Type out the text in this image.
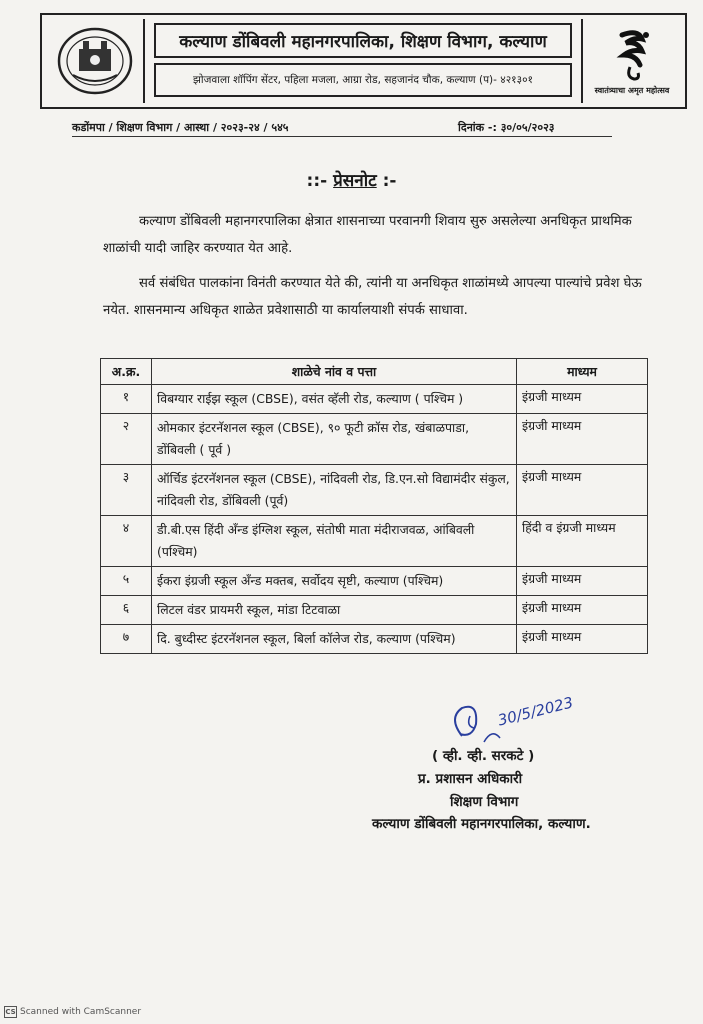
कल्याण डोंबिवली महानगरपालिका, शिक्षण विभाग, कल्याण
झोजवाला शॉपिंग सेंटर, पहिला मजला, आग्रा रोड, सहजानंद चौक, कल्याण (प)- ४२१३०१
स्वातंत्र्याचा अमृत महोत्सव
कडोंमपा / शिक्षण विभाग / आस्था / २०२३-२४ / ५४५	दिनांक -: ३०/०५/२०२३
::- प्रेसनोट :-
कल्याण डोंबिवली महानगरपालिका क्षेत्रात शासनाच्या परवानगी शिवाय सुरु असलेल्या अनधिकृत प्राथमिक शाळांची यादी जाहिर करण्यात येत आहे.
सर्व संबंधित पालकांना विनंती करण्यात येते की, त्यांनी या अनधिकृत शाळांमध्ये आपल्या पाल्यांचे प्रवेश घेऊ नयेत. शासनमान्य अधिकृत शाळेत प्रवेशासाठी या कार्यालयाशी संपर्क साधावा.
अ.क्र.	शाळेचे नांव व पत्ता	माध्यम
१	विबग्यार राईझ स्कूल (CBSE), वसंत व्हॅली रोड, कल्याण ( पश्चिम )	इंग्रजी माध्यम
२	ओमकार इंटरनॅशनल स्कूल (CBSE), ९० फूटी क्रॉस रोड, खंबाळपाडा, डोंबिवली ( पूर्व )	इंग्रजी माध्यम
३	ऑर्चिड इंटरनॅशनल स्कूल (CBSE), नांदिवली रोड, डि.एन.सो विद्यामंदीर संकुल, नांदिवली रोड, डोंबिवली (पूर्व)	इंग्रजी माध्यम
४	डी.बी.एस हिंदी अँन्ड इंग्लिश स्कूल, संतोषी माता मंदीराजवळ, आंबिवली (पश्चिम)	हिंदी व इंग्रजी माध्यम
५	ईकरा इंग्रजी स्कूल अँन्ड मक्तब, सर्वोदय सृष्टी, कल्याण (पश्चिम)	इंग्रजी माध्यम
६	लिटल वंडर प्रायमरी स्कूल, मांडा टिटवाळा	इंग्रजी माध्यम
७	दि. बुध्दीस्ट इंटरनॅशनल स्कूल, बिर्ला कॉलेज रोड, कल्याण (पश्चिम)	इंग्रजी माध्यम
30/5/2023
( व्ही. व्ही. सरकटे )
प्र. प्रशासन अधिकारी
शिक्षण विभाग
कल्याण डोंबिवली महानगरपालिका, कल्याण.
CS Scanned with CamScanner
